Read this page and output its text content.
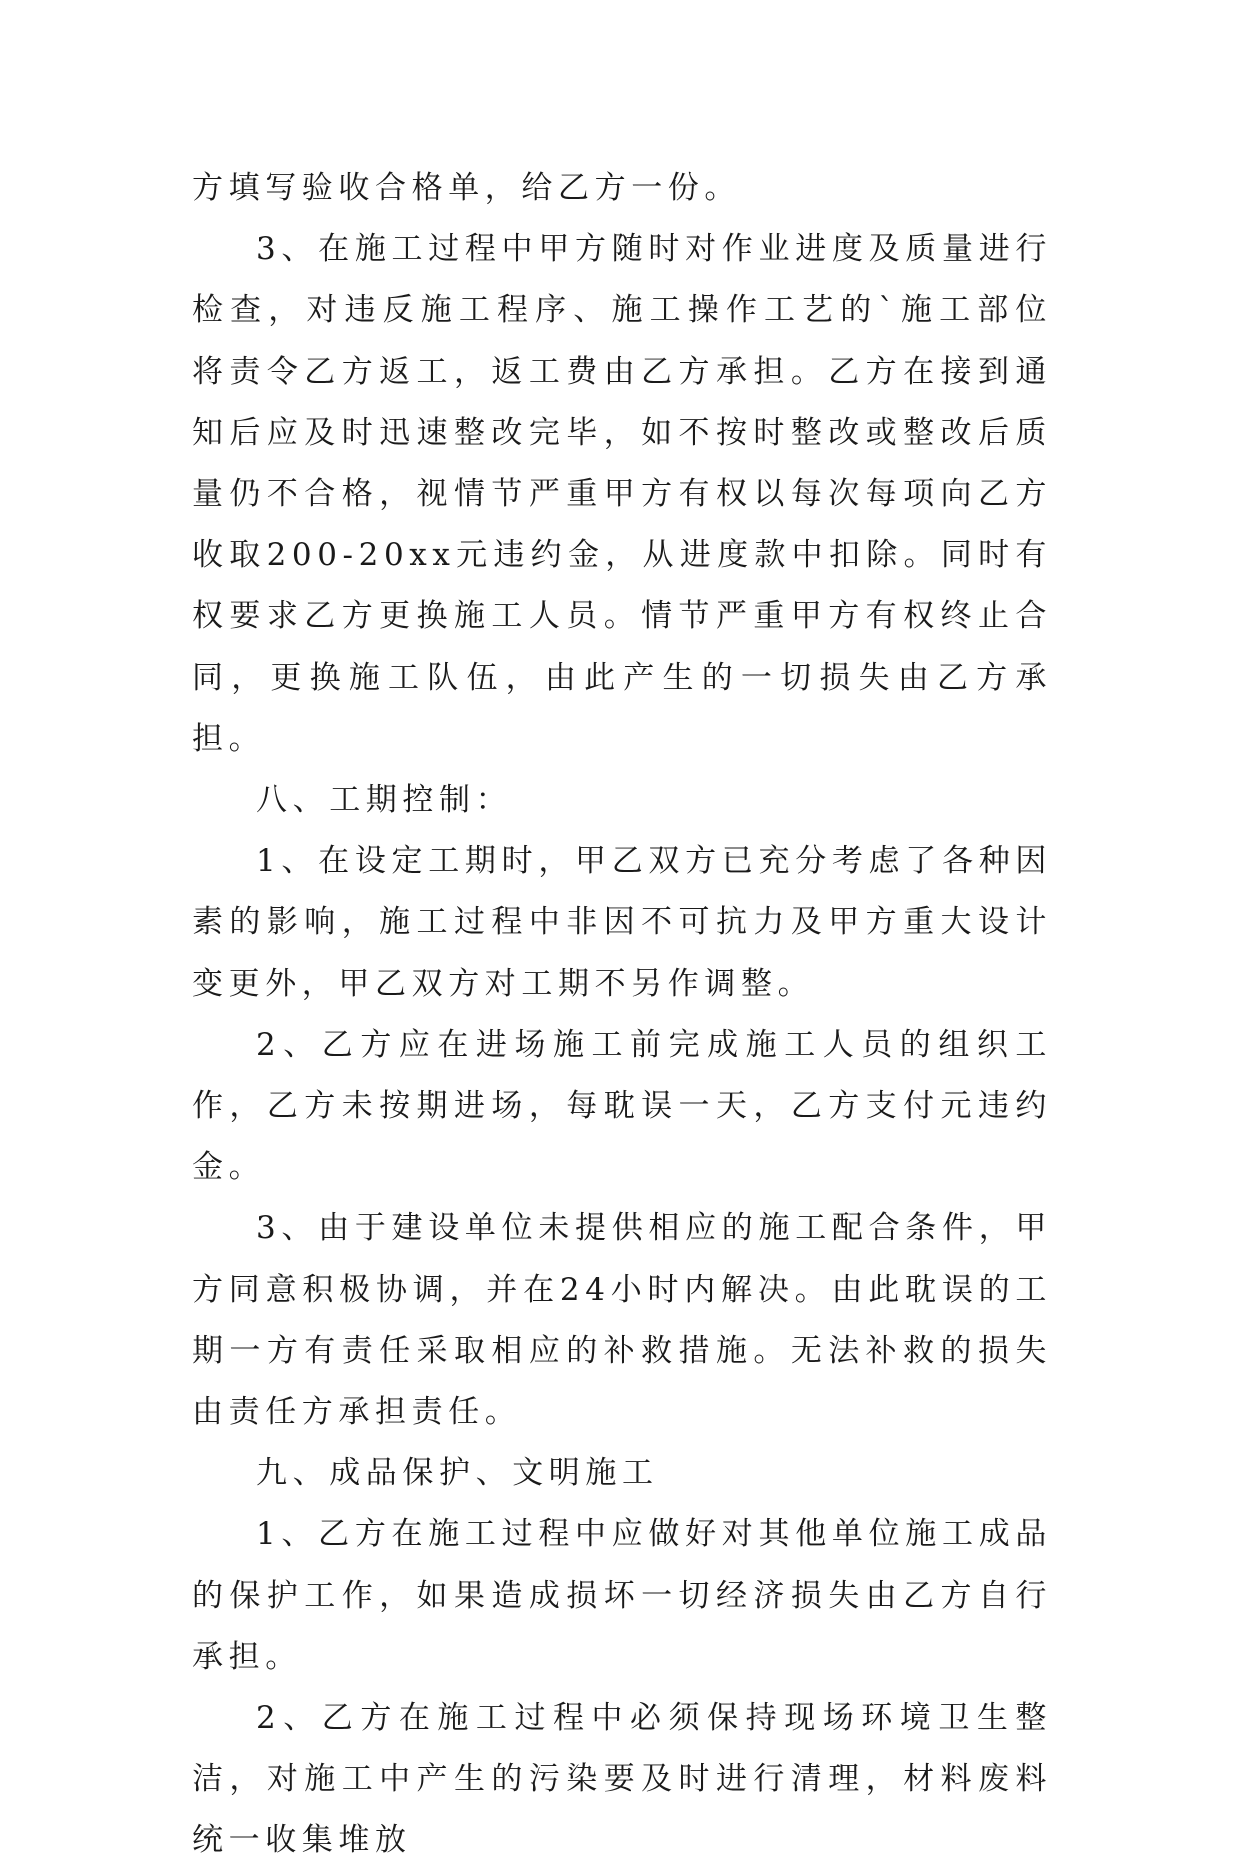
方填写验收合格单，给乙方一份。

3、在施工过程中甲方随时对作业进度及质量进行检查，对违反施工程序、施工操作工艺的`施工部位将责令乙方返工，返工费由乙方承担。乙方在接到通知后应及时迅速整改完毕，如不按时整改或整改后质量仍不合格，视情节严重甲方有权以每次每项向乙方收取200-20xx元违约金，从进度款中扣除。同时有权要求乙方更换施工人员。情节严重甲方有权终止合同，更换施工队伍，由此产生的一切损失由乙方承担。

八、工期控制：

1、在设定工期时，甲乙双方已充分考虑了各种因素的影响，施工过程中非因不可抗力及甲方重大设计变更外，甲乙双方对工期不另作调整。

2、乙方应在进场施工前完成施工人员的组织工作，乙方未按期进场，每耽误一天，乙方支付元违约金。

3、由于建设单位未提供相应的施工配合条件，甲方同意积极协调，并在24小时内解决。由此耽误的工期一方有责任采取相应的补救措施。无法补救的损失由责任方承担责任。

九、成品保护、文明施工

1、乙方在施工过程中应做好对其他单位施工成品的保护工作，如果造成损坏一切经济损失由乙方自行承担。

2、乙方在施工过程中必须保持现场环境卫生整洁，对施工中产生的污染要及时进行清理，材料废料统一收集堆放
